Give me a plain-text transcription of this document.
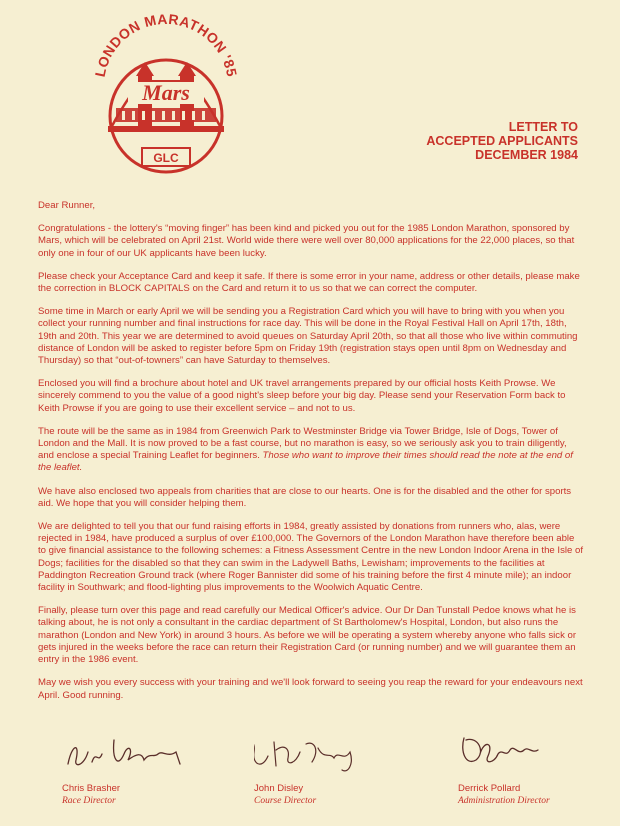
LONDON MARATHON '85
Mars
GLC
LETTER TO
ACCEPTED APPLICANTS
DECEMBER 1984

Dear Runner,

Congratulations - the lottery's “moving finger” has been kind and picked you out for the 1985 London Marathon, sponsored by Mars, which will be celebrated on April 21st. World wide there were well over 80,000 applications for the 22,000 places, so that only one in four of our UK applicants have been lucky.

Please check your Acceptance Card and keep it safe. If there is some error in your name, address or other details, please make the correction in BLOCK CAPITALS on the Card and return it to us so that we can correct the computer.

Some time in March or early April we will be sending you a Registration Card which you will have to bring with you when you collect your running number and final instructions for race day. This will be done in the Royal Festival Hall on April 17th, 18th, 19th and 20th. This year we are determined to avoid queues on Saturday April 20th, so that all those who live within commuting distance of London will be asked to register before 5pm on Friday 19th (registration stays open until 8pm on Wednesday and Thursday) so that “out-of-towners” can have Saturday to themselves.

Enclosed you will find a brochure about hotel and UK travel arrangements prepared by our official hosts Keith Prowse. We sincerely commend to you the value of a good night's sleep before your big day. Please send your Reservation Form back to Keith Prowse if you are going to use their excellent service – and not to us.

The route will be the same as in 1984 from Greenwich Park to Westminster Bridge via Tower Bridge, Isle of Dogs, Tower of London and the Mall. It is now proved to be a fast course, but no marathon is easy, so we seriously ask you to train diligently, and enclose a special Training Leaflet for beginners. Those who want to improve their times should read the note at the end of the leaflet.

We have also enclosed two appeals from charities that are close to our hearts. One is for the disabled and the other for sports aid. We hope that you will consider helping them.

We are delighted to tell you that our fund raising efforts in 1984, greatly assisted by donations from runners who, alas, were rejected in 1984, have produced a surplus of over £100,000. The Governors of the London Marathon have therefore been able to give financial assistance to the following schemes: a Fitness Assessment Centre in the new London Indoor Arena in the Isle of Dogs; facilities for the disabled so that they can swim in the Ladywell Baths, Lewisham; improvements to the facilities at Paddington Recreation Ground track (where Roger Bannister did some of his training before the first 4 minute mile); an indoor facility in Southwark; and flood-lighting plus improvements to the Woolwich Aquatic Centre.

Finally, please turn over this page and read carefully our Medical Officer's advice. Our Dr Dan Tunstall Pedoe knows what he is talking about, he is not only a consultant in the cardiac department of St Bartholomew's Hospital, London, but also runs the marathon (London and New York) in around 3 hours. As before we will be operating a system whereby anyone who falls sick or gets injured in the weeks before the race can return their Registration Card (or running number) and we will guarantee them an entry in the 1986 event.

May we wish you every success with your training and we'll look forward to seeing you reap the reward for your endeavours next April. Good running.

Chris Brasher
Race Director
John Disley
Course Director
Derrick Pollard
Administration Director
